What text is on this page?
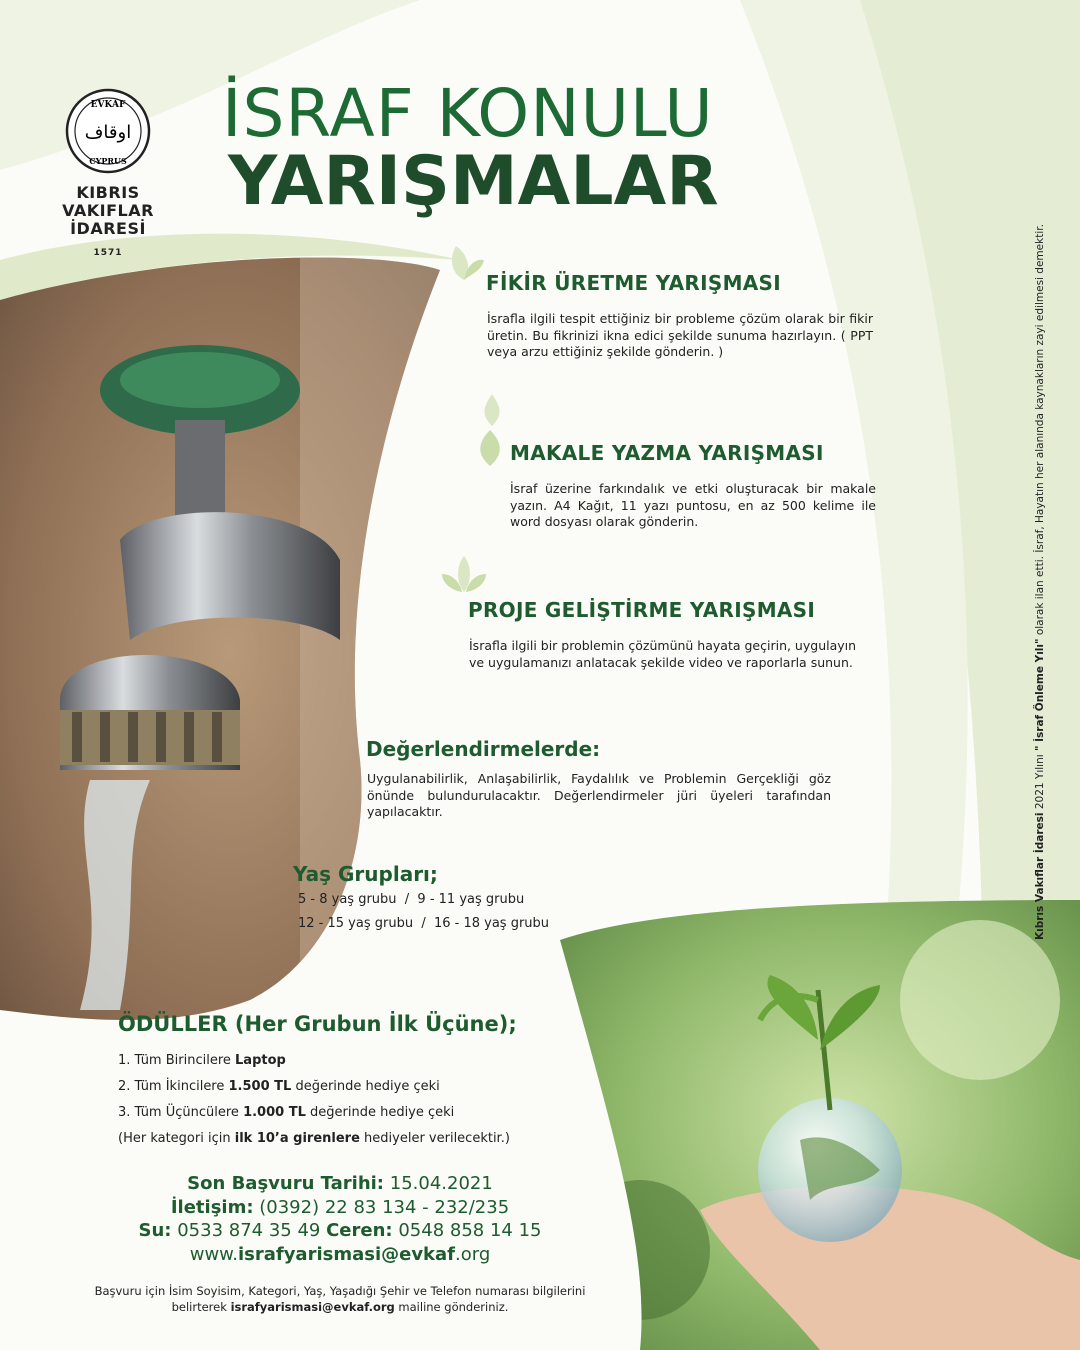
EVKAF
CYPRUS
اوقاف
KIBRIS
VAKIFLAR
İDARESİ
1571
İSRAF KONULU
YARIŞMALAR
FİKİR ÜRETME YARIŞMASI
İsrafla ilgili tespit ettiğiniz bir probleme çözüm olarak bir fikir üretin. Bu fikrinizi ikna edici şekilde sunuma hazırlayın. ( PPT veya arzu ettiğiniz şekilde gönderin. )
MAKALE YAZMA YARIŞMASI
İsraf üzerine farkındalık ve etki oluşturacak bir makale yazın. A4 Kağıt, 11 yazı puntosu, en az 500 kelime ile word dosyası olarak gönderin.
PROJE GELİŞTİRME YARIŞMASI
İsrafla ilgili bir problemin çözümünü hayata geçirin, uygulayın ve uygulamanızı anlatacak şekilde video ve raporlarla sunun.
Değerlendirmelerde:
Uygulanabilirlik, Anlaşabilirlik, Faydalılık ve Problemin Gerçekliği göz önünde bulundurulacaktır. Değerlendirmeler jüri üyeleri tarafından yapılacaktır.
Yaş Grupları;
5 - 8 yaş grubu  /  9 - 11 yaş grubu
12 - 15 yaş grubu  /  16 - 18 yaş grubu
ÖDÜLLER (Her Grubun İlk Üçüne);
1. Tüm Birincilere Laptop
2. Tüm İkincilere 1.500 TL değerinde hediye çeki
3. Tüm Üçüncülere 1.000 TL değerinde hediye çeki
(Her kategori için ilk 10’a girenlere hediyeler verilecektir.)
Son Başvuru Tarihi: 15.04.2021
İletişim: (0392) 22 83 134 - 232/235
Su: 0533 874 35 49 Ceren: 0548 858 14 15
www.israfyarismasi@evkaf.org
Başvuru için İsim Soyisim, Kategori, Yaş, Yaşadığı Şehir ve Telefon numarası bilgilerini
belirterek israfyarismasi@evkaf.org mailine gönderiniz.
Kıbrıs Vakıflar İdaresi 2021 Yılını " İsraf Önleme Yılı" olarak ilan etti. İsraf, Hayatın her alanında kaynakların zayi edilmesi demektir.
